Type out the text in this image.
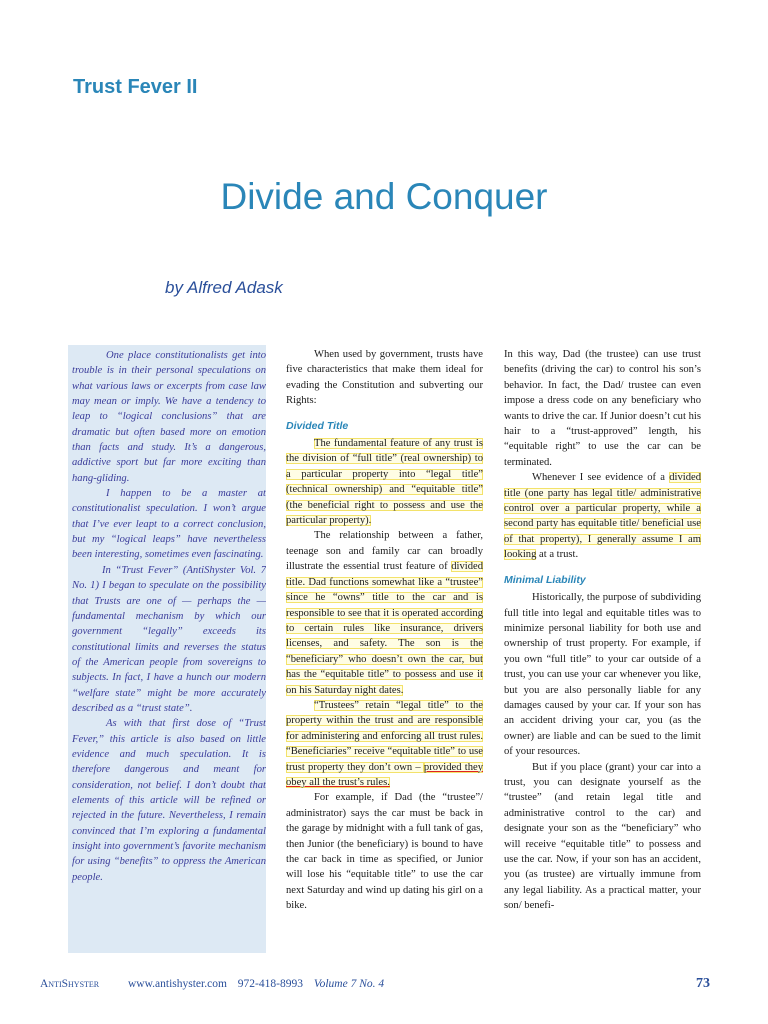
Trust Fever II
Divide and Conquer
by Alfred Adask

One place constitutionalists get into trouble is in their personal speculations on what various laws or excerpts from case law may mean or imply. We have a tendency to leap to “logical conclusions” that are dramatic but often based more on emotion than facts and study. It’s a dangerous, addictive sport but far more exciting than hang-gliding.

I happen to be a master at constitutionalist speculation. I won’t argue that I’ve ever leapt to a correct conclusion, but my “logical leaps” have nevertheless been interesting, sometimes even fascinating.

In “Trust Fever” (AntiShyster Vol. 7 No. 1) I began to speculate on the possibility that Trusts are one of — perhaps the — fundamental mechanism by which our government “legally” exceeds its constitutional limits and reverses the status of the American people from sovereigns to subjects. In fact, I have a hunch our modern “welfare state” might be more accurately described as a “trust state”.

As with that first dose of “Trust Fever,” this article is also based on little evidence and much speculation. It is therefore dangerous and meant for consideration, not belief. I don’t doubt that elements of this article will be refined or rejected in the future. Nevertheless, I remain convinced that I’m exploring a fundamental insight into government’s favorite mechanism for using “benefits” to oppress the American people.

When used by government, trusts have five characteristics that make them ideal for evading the Constitution and subverting our Rights:

Divided Title

The fundamental feature of any trust is the division of “full title” (real ownership) to a particular property into “legal title” (technical ownership) and “equitable title” (the beneficial right to possess and use the particular property).

The relationship between a father, teenage son and family car can broadly illustrate the essential trust feature of divided title. Dad functions somewhat like a “trustee” since he “owns” title to the car and is responsible to see that it is operated according to certain rules like insurance, drivers licenses, and safety. The son is the “beneficiary” who doesn’t own the car, but has the “equitable title” to possess and use it on his Saturday night dates.

“Trustees” retain “legal title” to the property within the trust and are responsible for administering and enforcing all trust rules. “Beneficiaries” receive “equitable title” to use trust property they don’t own – provided they obey all the trust’s rules.

For example, if Dad (the “trustee”/ administrator) says the car must be back in the garage by midnight with a full tank of gas, then Junior (the beneficiary) is bound to have the car back in time as specified, or Junior will lose his “equitable title” to use the car next Saturday and wind up dating his girl on a bike.

In this way, Dad (the trustee) can use trust benefits (driving the car) to control his son’s behavior. In fact, the Dad/ trustee can even impose a dress code on any beneficiary who wants to drive the car. If Junior doesn’t cut his hair to a “trust-approved” length, his “equitable right” to use the car can be terminated.

Whenever I see evidence of a divided title (one party has legal title/ administrative control over a particular property, while a second party has equitable title/ beneficial use of that property), I generally assume I am looking at a trust.

Minimal Liability

Historically, the purpose of subdividing full title into legal and equitable titles was to minimize personal liability for both use and ownership of trust property. For example, if you own “full title” to your car outside of a trust, you can use your car whenever you like, but you are also personally liable for any damages caused by your car. If your son has an accident driving your car, you (as the owner) are liable and can be sued to the limit of your resources.

But if you place (grant) your car into a trust, you can designate yourself as the “trustee” (and retain legal title and administrative control to the car) and designate your son as the “beneficiary” who will receive “equitable title” to possess and use the car. Now, if your son has an accident, you (as trustee) are virtually immune from any legal liability. As a practical matter, your son/ benefi-

AntiShyster	www.antishyster.com 972-418-8993 Volume 7 No. 4	73
